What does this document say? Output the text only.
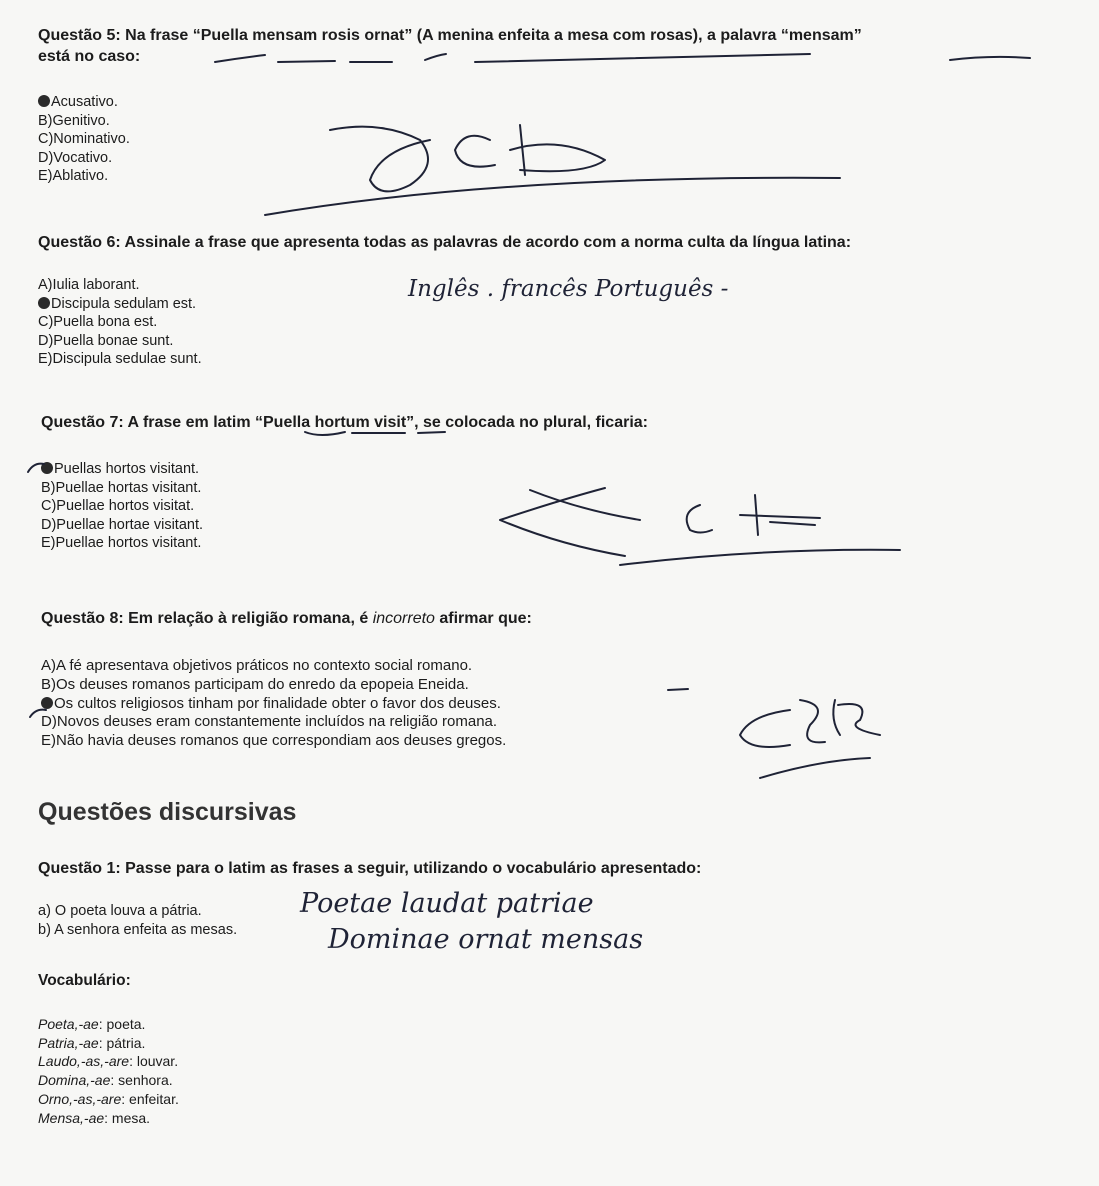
Questão 5: Na frase “Puella mensam rosis ornat” (A menina enfeita a mesa com rosas), a palavra “mensam”
está no caso:
Acusativo.
B)Genitivo.
C)Nominativo.
D)Vocativo.
E)Ablativo.
Questão 6: Assinale a frase que apresenta todas as palavras de acordo com a norma culta da língua latina:
A)Iulia laborant.
Discipula sedulam est.
C)Puella bona est.
D)Puella bonae sunt.
E)Discipula sedulae sunt.
Inglês . francês Português -
Questão 7: A frase em latim “Puella hortum visit”, se colocada no plural, ficaria:
Puellas hortos visitant.
B)Puellae hortas visitant.
C)Puellae hortos visitat.
D)Puellae hortae visitant.
E)Puellae hortos visitant.
Questão 8: Em relação à religião romana, é incorreto afirmar que:
A)A fé apresentava objetivos práticos no contexto social romano.
B)Os deuses romanos participam do enredo da epopeia Eneida.
Os cultos religiosos tinham por finalidade obter o favor dos deuses.
D)Novos deuses eram constantemente incluídos na religião romana.
E)Não havia deuses romanos que correspondiam aos deuses gregos.
Questões discursivas
Questão 1: Passe para o latim as frases a seguir, utilizando o vocabulário apresentado:
a) O poeta louva a pátria.
b) A senhora enfeita as mesas.
Poetae laudat patriae
Dominae ornat mensas
Vocabulário:
Poeta,-ae: poeta.
Patria,-ae: pátria.
Laudo,-as,-are: louvar.
Domina,-ae: senhora.
Orno,-as,-are: enfeitar.
Mensa,-ae: mesa.
